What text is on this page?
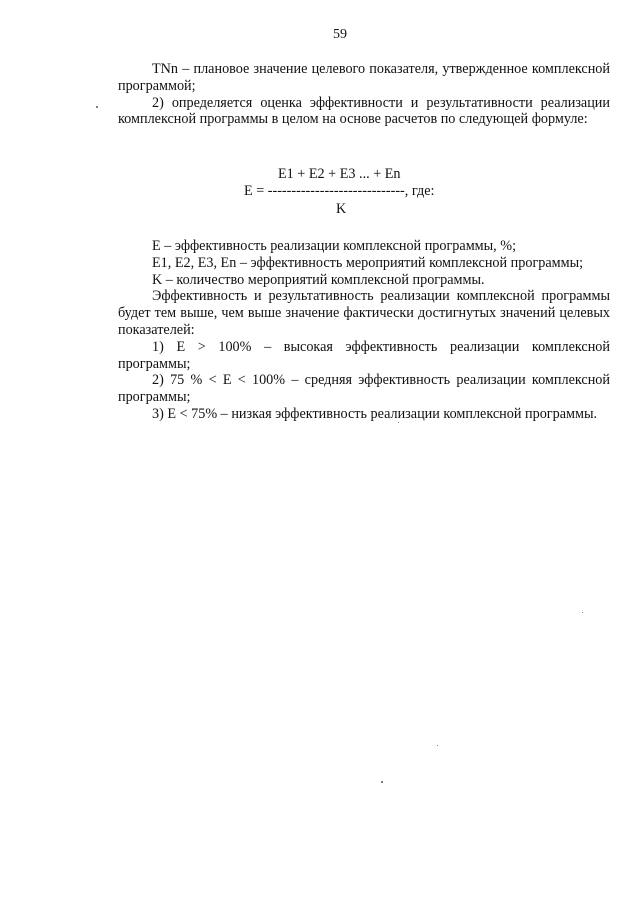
59

TNn – плановое значение целевого показателя, утвержденное комплексной программой;

2) определяется оценка эффективности и результативности реализации комплексной программы в целом на основе расчетов по следующей формуле:

E1 + E2 + E3 ... + En
E = -----------------------------, где:
K

E – эффективность реализации комплексной программы, %;

E1, E2, E3, En – эффективность мероприятий комплексной программы;

K – количество мероприятий комплексной программы.

Эффективность и результативность реализации комплексной программы будет тем выше, чем выше значение фактически достигнутых значений целевых показателей:

1) E > 100% – высокая эффективность реализации комплексной программы;

2) 75 % < E < 100% – средняя эффективность реализации комплексной программы;

3) E < 75% – низкая эффективность реализации комплексной программы.
